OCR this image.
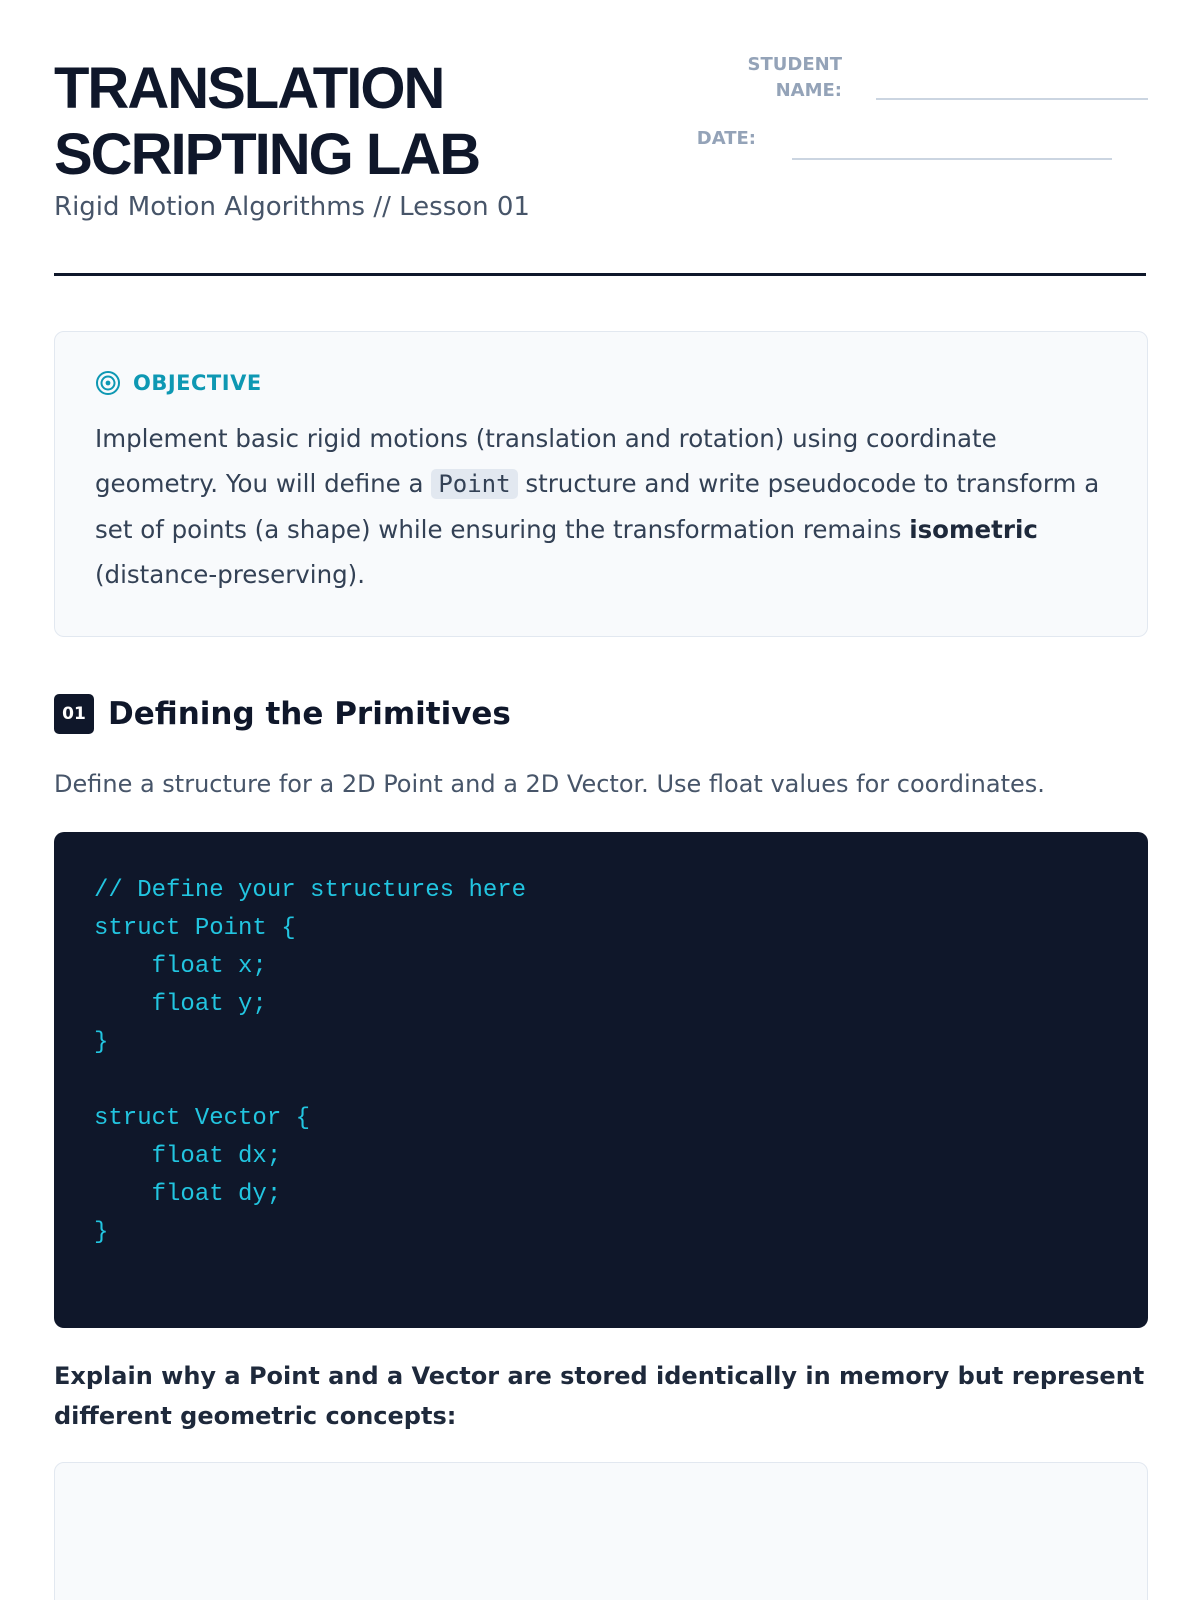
TRANSLATION
SCRIPTING LAB
Rigid Motion Algorithms // Lesson 01
STUDENT
NAME:
DATE:
OBJECTIVE

Implement basic rigid motions (translation and rotation) using coordinate geometry. You will define a Point structure and write pseudocode to transform a set of points (a shape) while ensuring the transformation remains isometric (distance-preserving).

01 Defining the Primitives
Define a structure for a 2D Point and a 2D Vector. Use float values for coordinates.
// Define your structures here
struct Point {
float x;
float y;
}

struct Vector {
float dx;
float dy;
}
Explain why a Point and a Vector are stored identically in memory but represent different geometric concepts:
